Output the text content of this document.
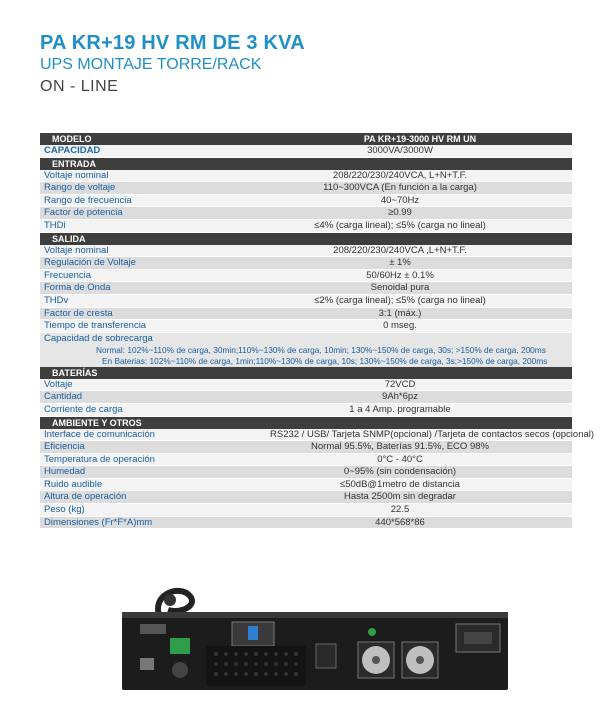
PA KR+19 HV RM DE 3 KVA
UPS MONTAJE TORRE/RACK
ON - LINE
MODELO	PA KR+19-3000 HV RM UN
CAPACIDAD	3000VA/3000W
ENTRADA
Voltaje nominal	208/220/230/240VCA, L+N+T.F.
Rango de voltaje	110~300VCA (En función a la carga)
Rango de frecuencia	40~70Hz
Factor de potencia	≥0.99
THDi	≤4% (carga lineal); ≤5% (carga no lineal)
SALIDA
Voltaje nominal	208/220/230/240VCA ,L+N+T.F.
Regulación de Voltaje	± 1%
Frecuencia	50/60Hz ± 0.1%
Forma de Onda	Senoidal pura
THDv	≤2% (carga lineal); ≤5% (carga no lineal)
Factor de cresta	3:1 (máx.)
Tiempo de transferencia	0 mseg.
Capacidad de sobrecarga
Normal: 102%~110% de carga, 30min;110%~130% de carga, 10min; 130%~150% de carga, 30s; >150% de carga, 200ms
En Baterias: 102%~110% de carga, 1min;110%~130% de carga, 10s; 130%~150% de carga, 3s;>150% de carga, 200ms
BATERÍAS
Voltaje	72VCD
Cantidad	9Ah*6pz
Corriente de carga	1 a 4 Amp. programable
AMBIENTE Y OTROS
Interface de comunicación	RS232 / USB/ Tarjeta SNMP(opcional) /Tarjeta de contactos secos (opcional)
Eficiencia	Normal 95.5%, Baterías 91.5%, ECO 98%
Temperatura de operación	0°C - 40°C
Humedad	0~95% (sin condensación)
Ruido audible	≤50dB@1metro de distancia
Altura de operación	Hasta 2500m sin degradar
Peso (kg)	22.5
Dimensiones (Fr*F*A)mm	440*568*86
